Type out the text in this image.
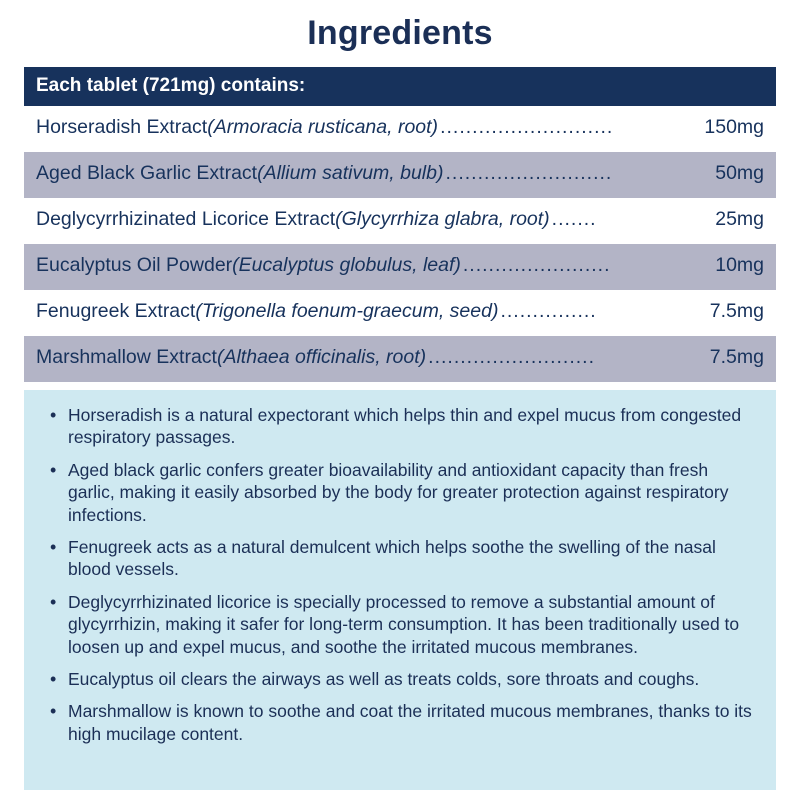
Ingredients
Each tablet (721mg) contains:
Horseradish Extract (Armoracia rusticana, root) ...........................	150mg
Aged Black Garlic Extract (Allium sativum, bulb) ..........................	50mg
Deglycyrrhizinated Licorice Extract (Glycyrrhiza glabra, root) .......	25mg
Eucalyptus Oil Powder (Eucalyptus globulus, leaf) .......................	10mg
Fenugreek Extract (Trigonella foenum-graecum, seed) ...............	7.5mg
Marshmallow Extract (Althaea officinalis, root) ..........................	7.5mg
• Horseradish is a natural expectorant which helps thin and expel mucus from congested respiratory passages.
• Aged black garlic confers greater bioavailability and antioxidant capacity than fresh garlic, making it easily absorbed by the body for greater protection against respiratory infections.
• Fenugreek acts as a natural demulcent which helps soothe the swelling of the nasal blood vessels.
• Deglycyrrhizinated licorice is specially processed to remove a substantial amount of glycyrrhizin, making it safer for long-term consumption. It has been traditionally used to loosen up and expel mucus, and soothe the irritated mucous membranes.
• Eucalyptus oil clears the airways as well as treats colds, sore throats and coughs.
• Marshmallow is known to soothe and coat the irritated mucous membranes, thanks to its high mucilage content.
